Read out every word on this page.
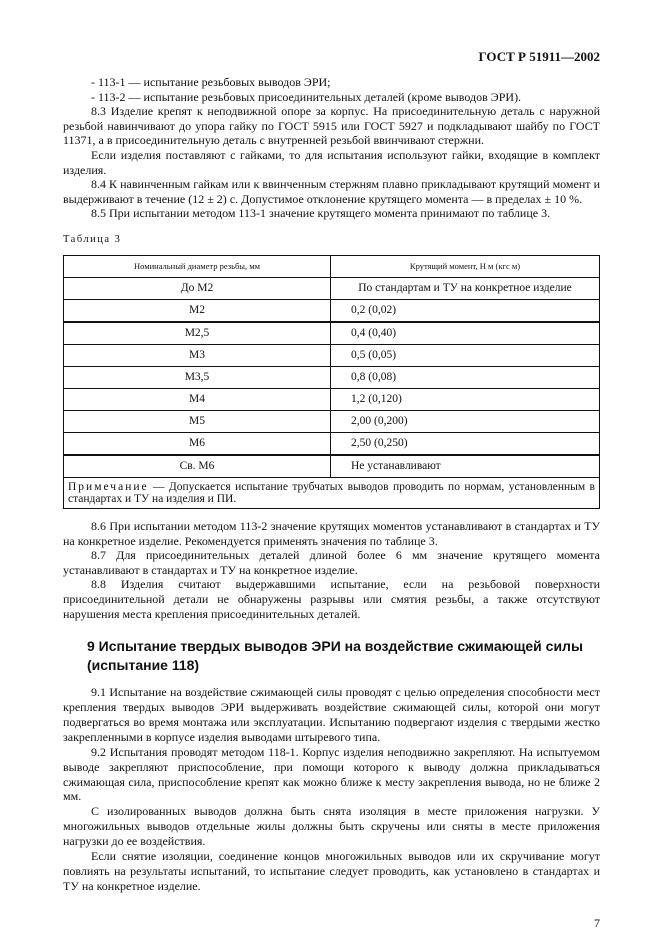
ГОСТ Р 51911—2002

- 113-1 — испытание резьбовых выводов ЭРИ;

- 113-2 — испытание резьбовых присоединительных деталей (кроме выводов ЭРИ).

8.3 Изделие крепят к неподвижной опоре за корпус. На присоединительную деталь с наружной резьбой навинчивают до упора гайку по ГОСТ 5915 или ГОСТ 5927 и подкладывают шайбу по ГОСТ 11371, а в присоединительную деталь с внутренней резьбой ввинчивают стержни.

Если изделия поставляют с гайками, то для испытания используют гайки, входящие в комплект изделия.

8.4 К навинченным гайкам или к ввинченным стержням плавно прикладывают крутящий момент и выдерживают в течение (12 ± 2) с. Допустимое отклонение крутящего момента — в пределах ± 10 %.

8.5 При испытании методом 113-1 значение крутящего момента принимают по таблице 3.

Таблица 3
Номинальный диаметр резьбы, мм	Крутящий момент, Н м (кгс м)
До М2	По стандартам и ТУ на конкретное изделие
М2	0,2 (0,02)
М2,5	0,4 (0,40)
М3	0,5 (0,05)
М3,5	0,8 (0,08)
М4	1,2 (0,120)
М5	2,00 (0,200)
М6	2,50 (0,250)
Св. М6	Не устанавливают
Примечание — Допускается испытание трубчатых выводов проводить по нормам, установленным в стандартах и ТУ на изделия и ПИ.	

8.6 При испытании методом 113-2 значение крутящих моментов устанавливают в стандартах и ТУ на конкретное изделие. Рекомендуется применять значения по таблице 3.

8.7 Для присоединительных деталей длиной более 6 мм значение крутящего момента устанавливают в стандартах и ТУ на конкретное изделие.

8.8 Изделия считают выдержавшими испытание, если на резьбовой поверхности присоединительной детали не обнаружены разрывы или смятия резьбы, а также отсутствуют нарушения места крепления присоединительных деталей.

9 Испытание твердых выводов ЭРИ на воздействие сжимающей силы
(испытание 118)

9.1 Испытание на воздействие сжимающей силы проводят с целью определения способности мест крепления твердых выводов ЭРИ выдерживать воздействие сжимающей силы, которой они могут подвергаться во время монтажа или эксплуатации. Испытанию подвергают изделия с твердыми жестко закрепленными в корпусе изделия выводами штыревого типа.

9.2 Испытания проводят методом 118-1. Корпус изделия неподвижно закрепляют. На испытуемом выводе закрепляют приспособление, при помощи которого к выводу должна прикладываться сжимающая сила, приспособление крепят как можно ближе к месту закрепления вывода, но не ближе 2 мм.

С изолированных выводов должна быть снята изоляция в месте приложения нагрузки. У многожильных выводов отдельные жилы должны быть скручены или сняты в месте приложения нагрузки до ее воздействия.

Если снятие изоляции, соединение концов многожильных выводов или их скручивание могут повлиять на результаты испытаний, то испытание следует проводить, как установлено в стандартах и ТУ на конкретное изделие.

7
